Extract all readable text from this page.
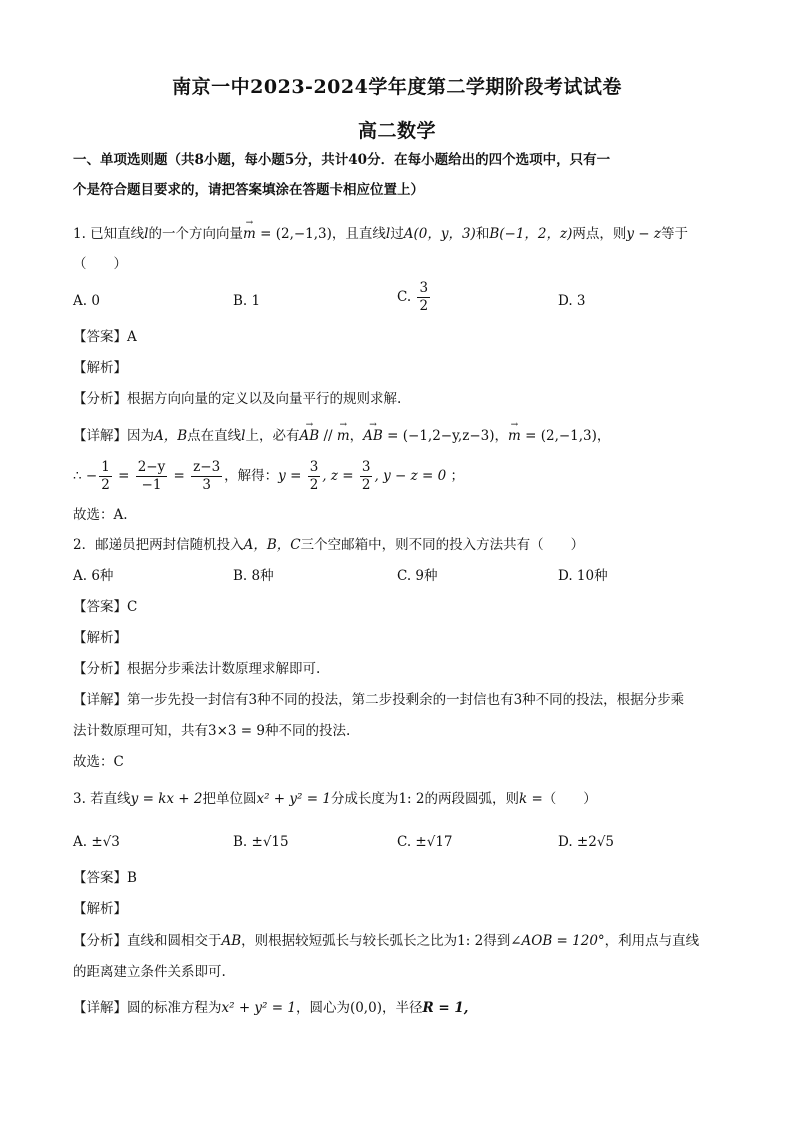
南京一中2023-2024学年度第二学期阶段考试试卷
高二数学
一、单项选则题（共8小题，每小题5分，共计40分．在每小题给出的四个选项中，只有一
个是符合题目要求的，请把答案填涂在答题卡相应位置上）
1. 已知直线l的一个方向向量→ m = (2,−1,3)，且直线l过A(0，y，3)和B(−1，2，z)两点，则y − z等于
（　　）
A. 0	B. 1	C. $\frac{3}{2}$	D. 3
【答案】A
【解析】
【分析】根据方向向量的定义以及向量平行的规则求解.
【详解】因为A，B点在直线l上，必有→ AB // → m，→ AB = (−1,2−y,z−3)，→ m = (2,−1,3)，
∴ − $\frac{1}{2} = \frac{2-y}{-1} = \frac{z-3}{3}$ ，解得：$y = \frac{3}{2}$ , $z = \frac{3}{2}$ , y − z = 0 ；
故选：A.
2．邮递员把两封信随机投入A，B，C三个空邮箱中，则不同的投入方法共有（　　）
A. 6种	B. 8种	C. 9种	D. 10种
【答案】C
【解析】
【分析】根据分步乘法计数原理求解即可.
【详解】第一步先投一封信有3种不同的投法，第二步投剩余的一封信也有3种不同的投法，根据分步乘
法计数原理可知，共有3×3 = 9种不同的投法.
故选：C
3. 若直线y = kx + 2把单位圆x² + y² = 1分成长度为1: 2的两段圆弧，则k =（　　）
A. ±√3	B. ±√15	C. ±√17	D. ±2√5
【答案】B
【解析】
【分析】直线和圆相交于AB，则根据较短弧长与较长弧长之比为1: 2得到∠AOB = 120°，利用点与直线
的距离建立条件关系即可.
【详解】圆的标准方程为x² + y² = 1，圆心为(0,0)，半径R = 1,
